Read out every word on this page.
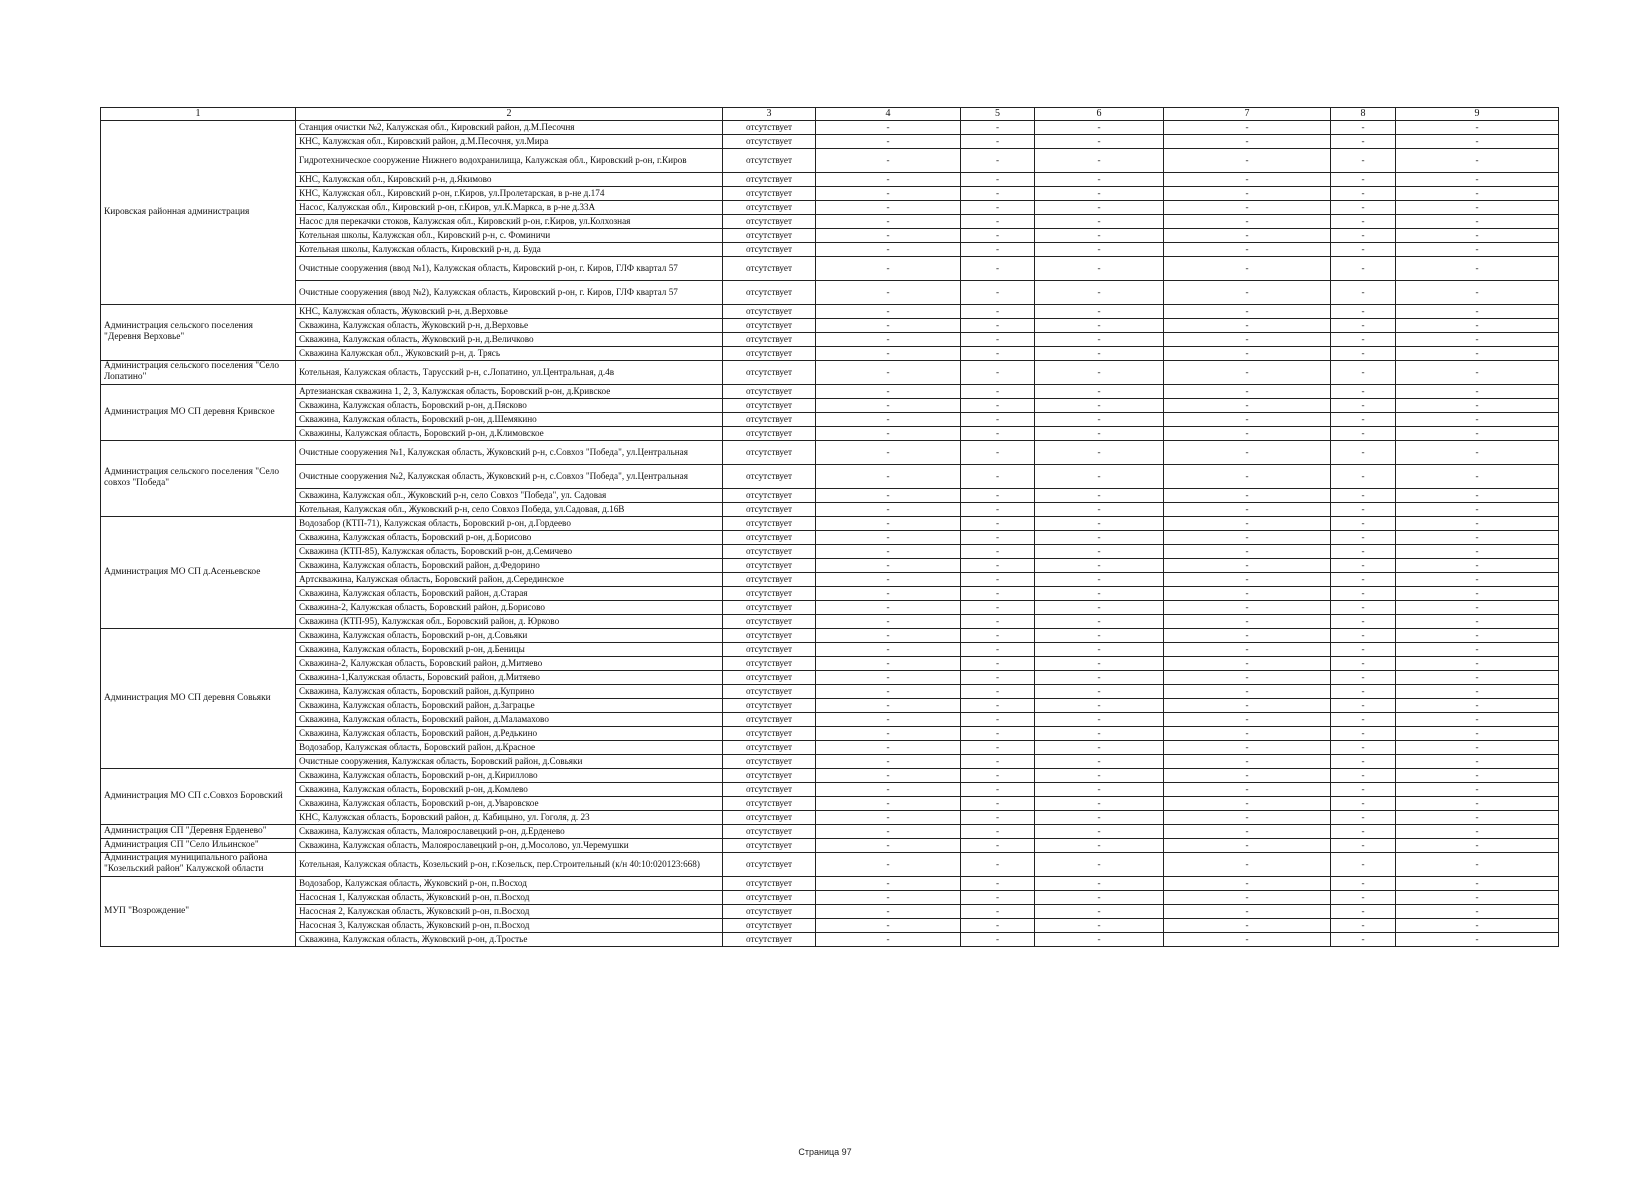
1	2	3	4	5	6	7	8	9
Кировская районная администрация	Станция очистки №2, Калужская обл., Кировский район, д.М.Песочня	отсутствует	-	-	-	-	-	-
	КНС, Калужская обл., Кировский район, д.М.Песочня, ул.Мира	отсутствует	-	-	-	-	-	-
	Гидротехническое сооружение Нижнего водохранилища, Калужская обл., Кировский р-он, г.Киров	отсутствует	-	-	-	-	-	-
	КНС, Калужская обл., Кировский р-н, д.Якимово	отсутствует	-	-	-	-	-	-
	КНС, Калужская обл., Кировский р-он, г.Киров, ул.Пролетарская, в р-не д.174	отсутствует	-	-	-	-	-	-
	Насос, Калужская обл., Кировский р-он, г.Киров, ул.К.Маркса, в р-не д.33А	отсутствует	-	-	-	-	-	-
	Насос для перекачки стоков, Калужская обл., Кировский р-он, г.Киров, ул.Колхозная	отсутствует	-	-	-	-	-	-
	Котельная школы, Калужская обл., Кировский р-н, с. Фоминичи	отсутствует	-	-	-	-	-	-
	Котельная школы, Калужская область, Кировский р-н, д. Буда	отсутствует	-	-	-	-	-	-
	Очистные сооружения (ввод №1), Калужская область, Кировский р-он, г. Киров, ГЛФ квартал 57	отсутствует	-	-	-	-	-	-
	Очистные сооружения (ввод №2), Калужская область, Кировский р-он, г. Киров, ГЛФ квартал 57	отсутствует	-	-	-	-	-	-
Администрация сельского поселения "Деревня Верховье"	КНС, Калужская область, Жуковский р-н, д.Верховье	отсутствует	-	-	-	-	-	-
	Скважина, Калужская область, Жуковский р-н, д.Верховье	отсутствует	-	-	-	-	-	-
	Скважина, Калужская область, Жуковский р-н, д.Величково	отсутствует	-	-	-	-	-	-
	Скважина Калужская обл., Жуковский р-н, д. Трясь	отсутствует	-	-	-	-	-	-
Администрация сельского поселения "Село Лопатино"	Котельная, Калужская область, Тарусский р-н, с.Лопатино, ул.Центральная, д.4в	отсутствует	-	-	-	-	-	-
Администрация МО СП деревня Кривское	Артезианская скважина 1, 2, 3, Калужская область, Боровский р-он, д.Кривское	отсутствует	-	-	-	-	-	-
	Скважина, Калужская область, Боровский р-он, д.Пясково	отсутствует	-	-	-	-	-	-
	Скважина, Калужская область, Боровский р-он, д.Шемякино	отсутствует	-	-	-	-	-	-
	Скважины, Калужская область, Боровский р-он, д.Климовское	отсутствует	-	-	-	-	-	-
Администрация сельского поселения "Село совхоз "Победа"	Очистные сооружения №1, Калужская область, Жуковский р-н, с.Совхоз "Победа", ул.Центральная	отсутствует	-	-	-	-	-	-
	Очистные сооружения №2, Калужская область, Жуковский р-н, с.Совхоз "Победа", ул.Центральная	отсутствует	-	-	-	-	-	-
	Скважина, Калужская обл., Жуковский р-н, село Совхоз "Победа", ул. Садовая	отсутствует	-	-	-	-	-	-
	Котельная, Калужская обл., Жуковский р-н, село Совхоз Победа, ул.Садовая, д.16В	отсутствует	-	-	-	-	-	-
Администрация МО СП д.Асеньевское	Водозабор (КТП-71), Калужская область, Боровский р-он, д.Гордеево	отсутствует	-	-	-	-	-	-
	Скважина, Калужская область, Боровский р-он, д.Борисово	отсутствует	-	-	-	-	-	-
	Скважина (КТП-85), Калужская область, Боровский р-он, д.Семичево	отсутствует	-	-	-	-	-	-
	Скважина, Калужская область, Боровский район, д.Федорино	отсутствует	-	-	-	-	-	-
	Артскважина, Калужская область, Боровский район, д.Серединское	отсутствует	-	-	-	-	-	-
	Скважина, Калужская область, Боровский район, д.Старая	отсутствует	-	-	-	-	-	-
	Скважина-2, Калужская область, Боровский район, д.Борисово	отсутствует	-	-	-	-	-	-
	Скважина (КТП-95), Калужская обл., Боровский район, д. Юрково	отсутствует	-	-	-	-	-	-
Администрация МО СП деревня Совьяки	Скважина, Калужская область, Боровский р-он, д.Совьяки	отсутствует	-	-	-	-	-	-
	Скважина, Калужская область, Боровский р-он, д.Беницы	отсутствует	-	-	-	-	-	-
	Скважина-2, Калужская область, Боровский район, д.Митяево	отсутствует	-	-	-	-	-	-
	Скважина-1,Калужская область, Боровский район, д.Митяево	отсутствует	-	-	-	-	-	-
	Скважина, Калужская область, Боровский район, д.Куприно	отсутствует	-	-	-	-	-	-
	Скважина, Калужская область, Боровский район, д.Заграцье	отсутствует	-	-	-	-	-	-
	Скважина, Калужская область, Боровский район, д.Маламахово	отсутствует	-	-	-	-	-	-
	Скважина, Калужская область, Боровский район, д.Редькино	отсутствует	-	-	-	-	-	-
	Водозабор, Калужская область, Боровский район, д.Красное	отсутствует	-	-	-	-	-	-
	Очистные сооружения, Калужская область, Боровский район, д.Совьяки	отсутствует	-	-	-	-	-	-
Администрация МО СП с.Совхоз Боровский	Скважина, Калужская область, Боровский р-он, д.Кириллово	отсутствует	-	-	-	-	-	-
	Скважина, Калужская область, Боровский р-он, д.Комлево	отсутствует	-	-	-	-	-	-
	Скважина, Калужская область, Боровский р-он, д.Уваровское	отсутствует	-	-	-	-	-	-
	КНС, Калужская область, Боровский район, д. Кабицыно, ул. Гоголя, д. 23	отсутствует	-	-	-	-	-	-
Администрация СП "Деревня Ерденево"	Скважина, Калужская область, Малоярославецкий р-он, д.Ерденево	отсутствует	-	-	-	-	-	-
Администрация СП "Село Ильинское"	Скважина, Калужская область, Малоярославецкий р-он, д.Мосолово, ул.Черемушки	отсутствует	-	-	-	-	-	-
Администрация муниципального района "Козельский район" Калужской области	Котельная, Калужская область, Козельский р-он, г.Козельск, пер.Строительный (к/н 40:10:020123:668)	отсутствует	-	-	-	-	-	-
МУП "Возрождение"	Водозабор, Калужская область, Жуковский р-он, п.Восход	отсутствует	-	-	-	-	-	-
	Насосная 1, Калужская область, Жуковский р-он, п.Восход	отсутствует	-	-	-	-	-	-
	Насосная 2, Калужская область, Жуковский р-он, п.Восход	отсутствует	-	-	-	-	-	-
	Насосная 3, Калужская область, Жуковский р-он, п.Восход	отсутствует	-	-	-	-	-	-
	Скважина, Калужская область, Жуковский р-он, д.Тростье	отсутствует	-	-	-	-	-	-
Страница 97
